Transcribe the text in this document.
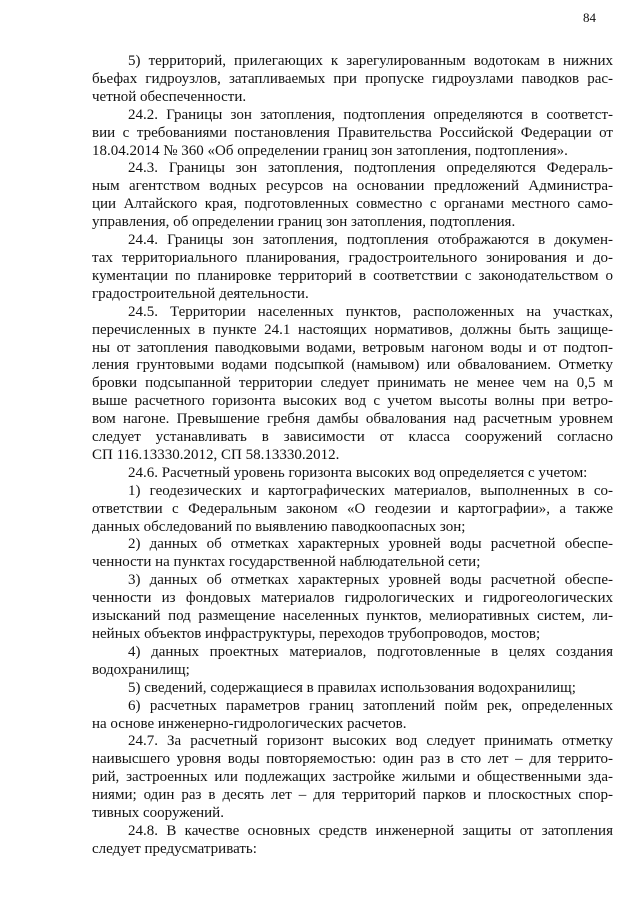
84
5) территорий, прилегающих к зарегулированным водотокам в нижних
бьефах гидроузлов, затапливаемых при пропуске гидроузлами паводков рас-
четной обеспеченности.
24.2. Границы зон затопления, подтопления определяются в соответст-
вии с требованиями постановления Правительства Российской Федерации от
18.04.2014 № 360 «Об определении границ зон затопления, подтопления».
24.3. Границы зон затопления, подтопления определяются Федераль-
ным агентством водных ресурсов на основании предложений Администра-
ции Алтайского края, подготовленных совместно с органами местного само-
управления, об определении границ зон затопления, подтопления.
24.4. Границы зон затопления, подтопления отображаются в докумен-
тах территориального планирования, градостроительного зонирования и до-
кументации по планировке территорий в соответствии с законодательством о
градостроительной деятельности.
24.5. Территории населенных пунктов, расположенных на участках,
перечисленных в пункте 24.1 настоящих нормативов, должны быть защище-
ны от затопления паводковыми водами, ветровым нагоном воды и от подтоп-
ления грунтовыми водами подсыпкой (намывом) или обвалованием. Отметку
бровки подсыпанной территории следует принимать не менее чем на 0,5 м
выше расчетного горизонта высоких вод с учетом высоты волны при ветро-
вом нагоне. Превышение гребня дамбы обвалования над расчетным уровнем
следует устанавливать в зависимости от класса сооружений согласно
СП 116.13330.2012, СП 58.13330.2012.
24.6. Расчетный уровень горизонта высоких вод определяется с учетом:
1) геодезических и картографических материалов, выполненных в со-
ответствии с Федеральным законом «О геодезии и картографии», а также
данных обследований по выявлению паводкоопасных зон;
2) данных об отметках характерных уровней воды расчетной обеспе-
ченности на пунктах государственной наблюдательной сети;
3) данных об отметках характерных уровней воды расчетной обеспе-
ченности из фондовых материалов гидрологических и гидрогеологических
изысканий под размещение населенных пунктов, мелиоративных систем, ли-
нейных объектов инфраструктуры, переходов трубопроводов, мостов;
4) данных проектных материалов, подготовленные в целях создания
водохранилищ;
5) сведений, содержащиеся в правилах использования водохранилищ;
6) расчетных параметров границ затоплений пойм рек, определенных
на основе инженерно-гидрологических расчетов.
24.7. За расчетный горизонт высоких вод следует принимать отметку
наивысшего уровня воды повторяемостью: один раз в сто лет – для террито-
рий, застроенных или подлежащих застройке жилыми и общественными зда-
ниями; один раз в десять лет – для территорий парков и плоскостных спор-
тивных сооружений.
24.8. В качестве основных средств инженерной защиты от затопления
следует предусматривать:
